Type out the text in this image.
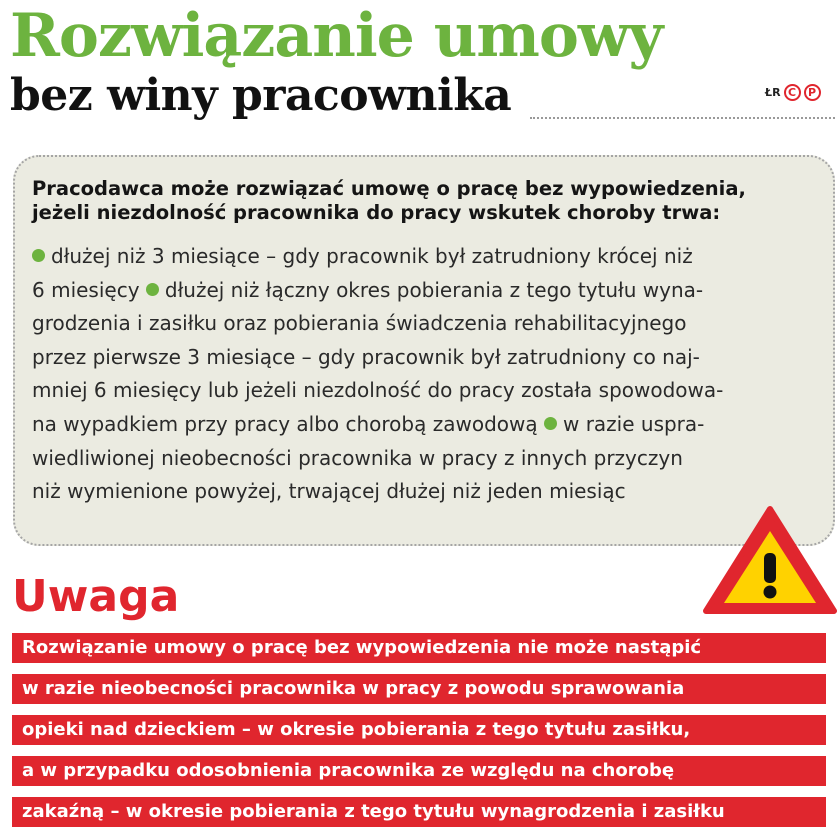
Rozwiązanie umowy
bez winy pracownika	ŁR C	P
Pracodawca może rozwiązać umowę o pracę bez wypowiedzenia,
jeżeli niezdolność pracownika do pracy wskutek choroby trwa:
dłużej niż 3 miesiące – gdy pracownik był zatrudniony krócej niż
6 miesięcy dłużej niż łączny okres pobierania z tego tytułu wyna-
grodzenia i zasiłku oraz pobierania świadczenia rehabilitacyjnego
przez pierwsze 3 miesiące – gdy pracownik był zatrudniony co naj-
mniej 6 miesięcy lub jeżeli niezdolność do pracy została spowodowa-
na wypadkiem przy pracy albo chorobą zawodową w razie uspra-
wiedliwionej nieobecności pracownika w pracy z innych przyczyn
niż wymienione powyżej, trwającej dłużej niż jeden miesiąc
Uwaga
Rozwiązanie umowy o pracę bez wypowiedzenia nie może nastąpić
w razie nieobecności pracownika w pracy z powodu sprawowania
opieki nad dzieckiem – w okresie pobierania z tego tytułu zasiłku,
a w przypadku odosobnienia pracownika ze względu na chorobę
zakaźną – w okresie pobierania z tego tytułu wynagrodzenia i zasiłku
